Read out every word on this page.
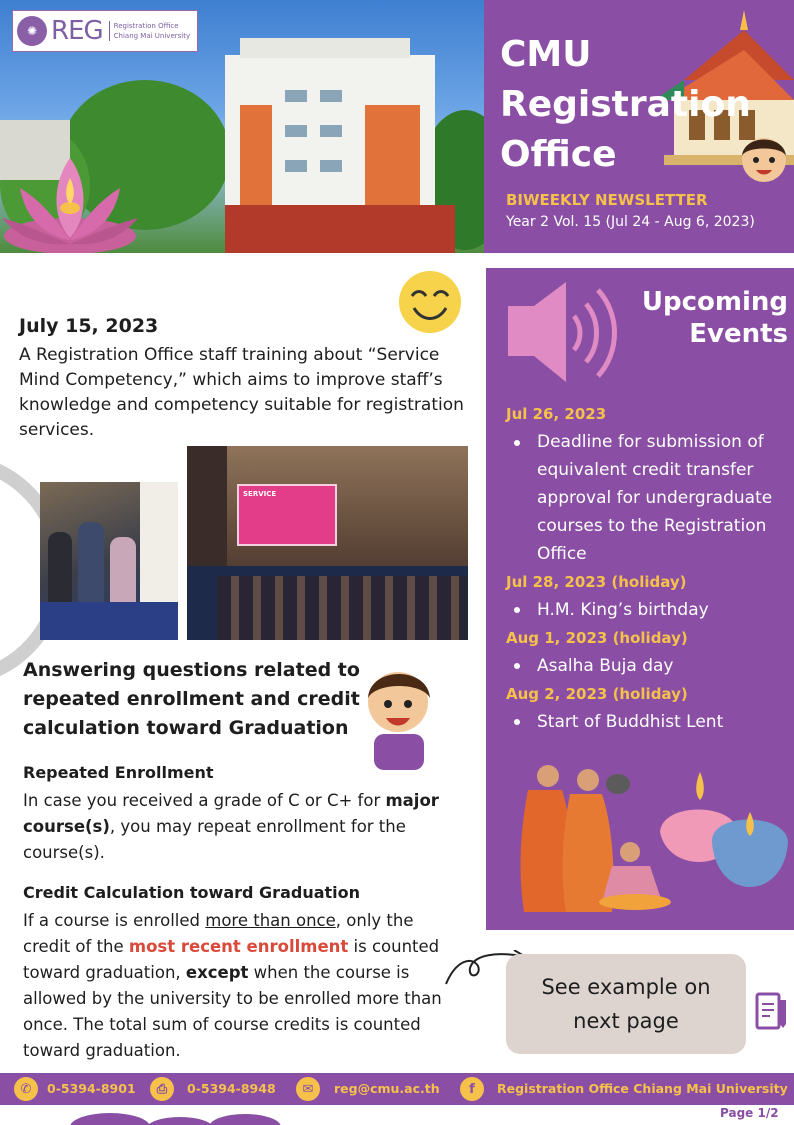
✺ REG Registration Office
Chiang Mai University	CMU
Registration
Office
BIWEEKLY NEWSLETTER
Year 2 Vol. 15 (Jul 24 - Aug 6, 2023)
July 15, 2023
A Registration Office staff training about “Service Mind Competency,” which aims to improve staff’s knowledge and competency suitable for registration services.
SERVICE
Answering questions related to repeated enrollment and credit calculation toward Graduation
Repeated Enrollment
In case you received a grade of C or C+ for major course(s), you may repeat enrollment for the course(s).
Credit Calculation toward Graduation
If a course is enrolled more than once, only the credit of the most recent enrollment is counted toward graduation, except when the course is allowed by the university to be enrolled more than once. The total sum of course credits is counted toward graduation.
Upcoming
Events
Jul 26, 2023
Deadline for submission of equivalent credit transfer approval for undergraduate courses to the Registration Office
Jul 28, 2023 (holiday)
H.M. King’s birthday
Aug 1, 2023 (holiday)
Asalha Buja day
Aug 2, 2023 (holiday)
Start of Buddhist Lent
See example on
next page
✆	0-5394-8901	⎙	0-5394-8948	✉	reg@cmu.ac.th	f	Registration Office Chiang Mai University
Page 1/2
